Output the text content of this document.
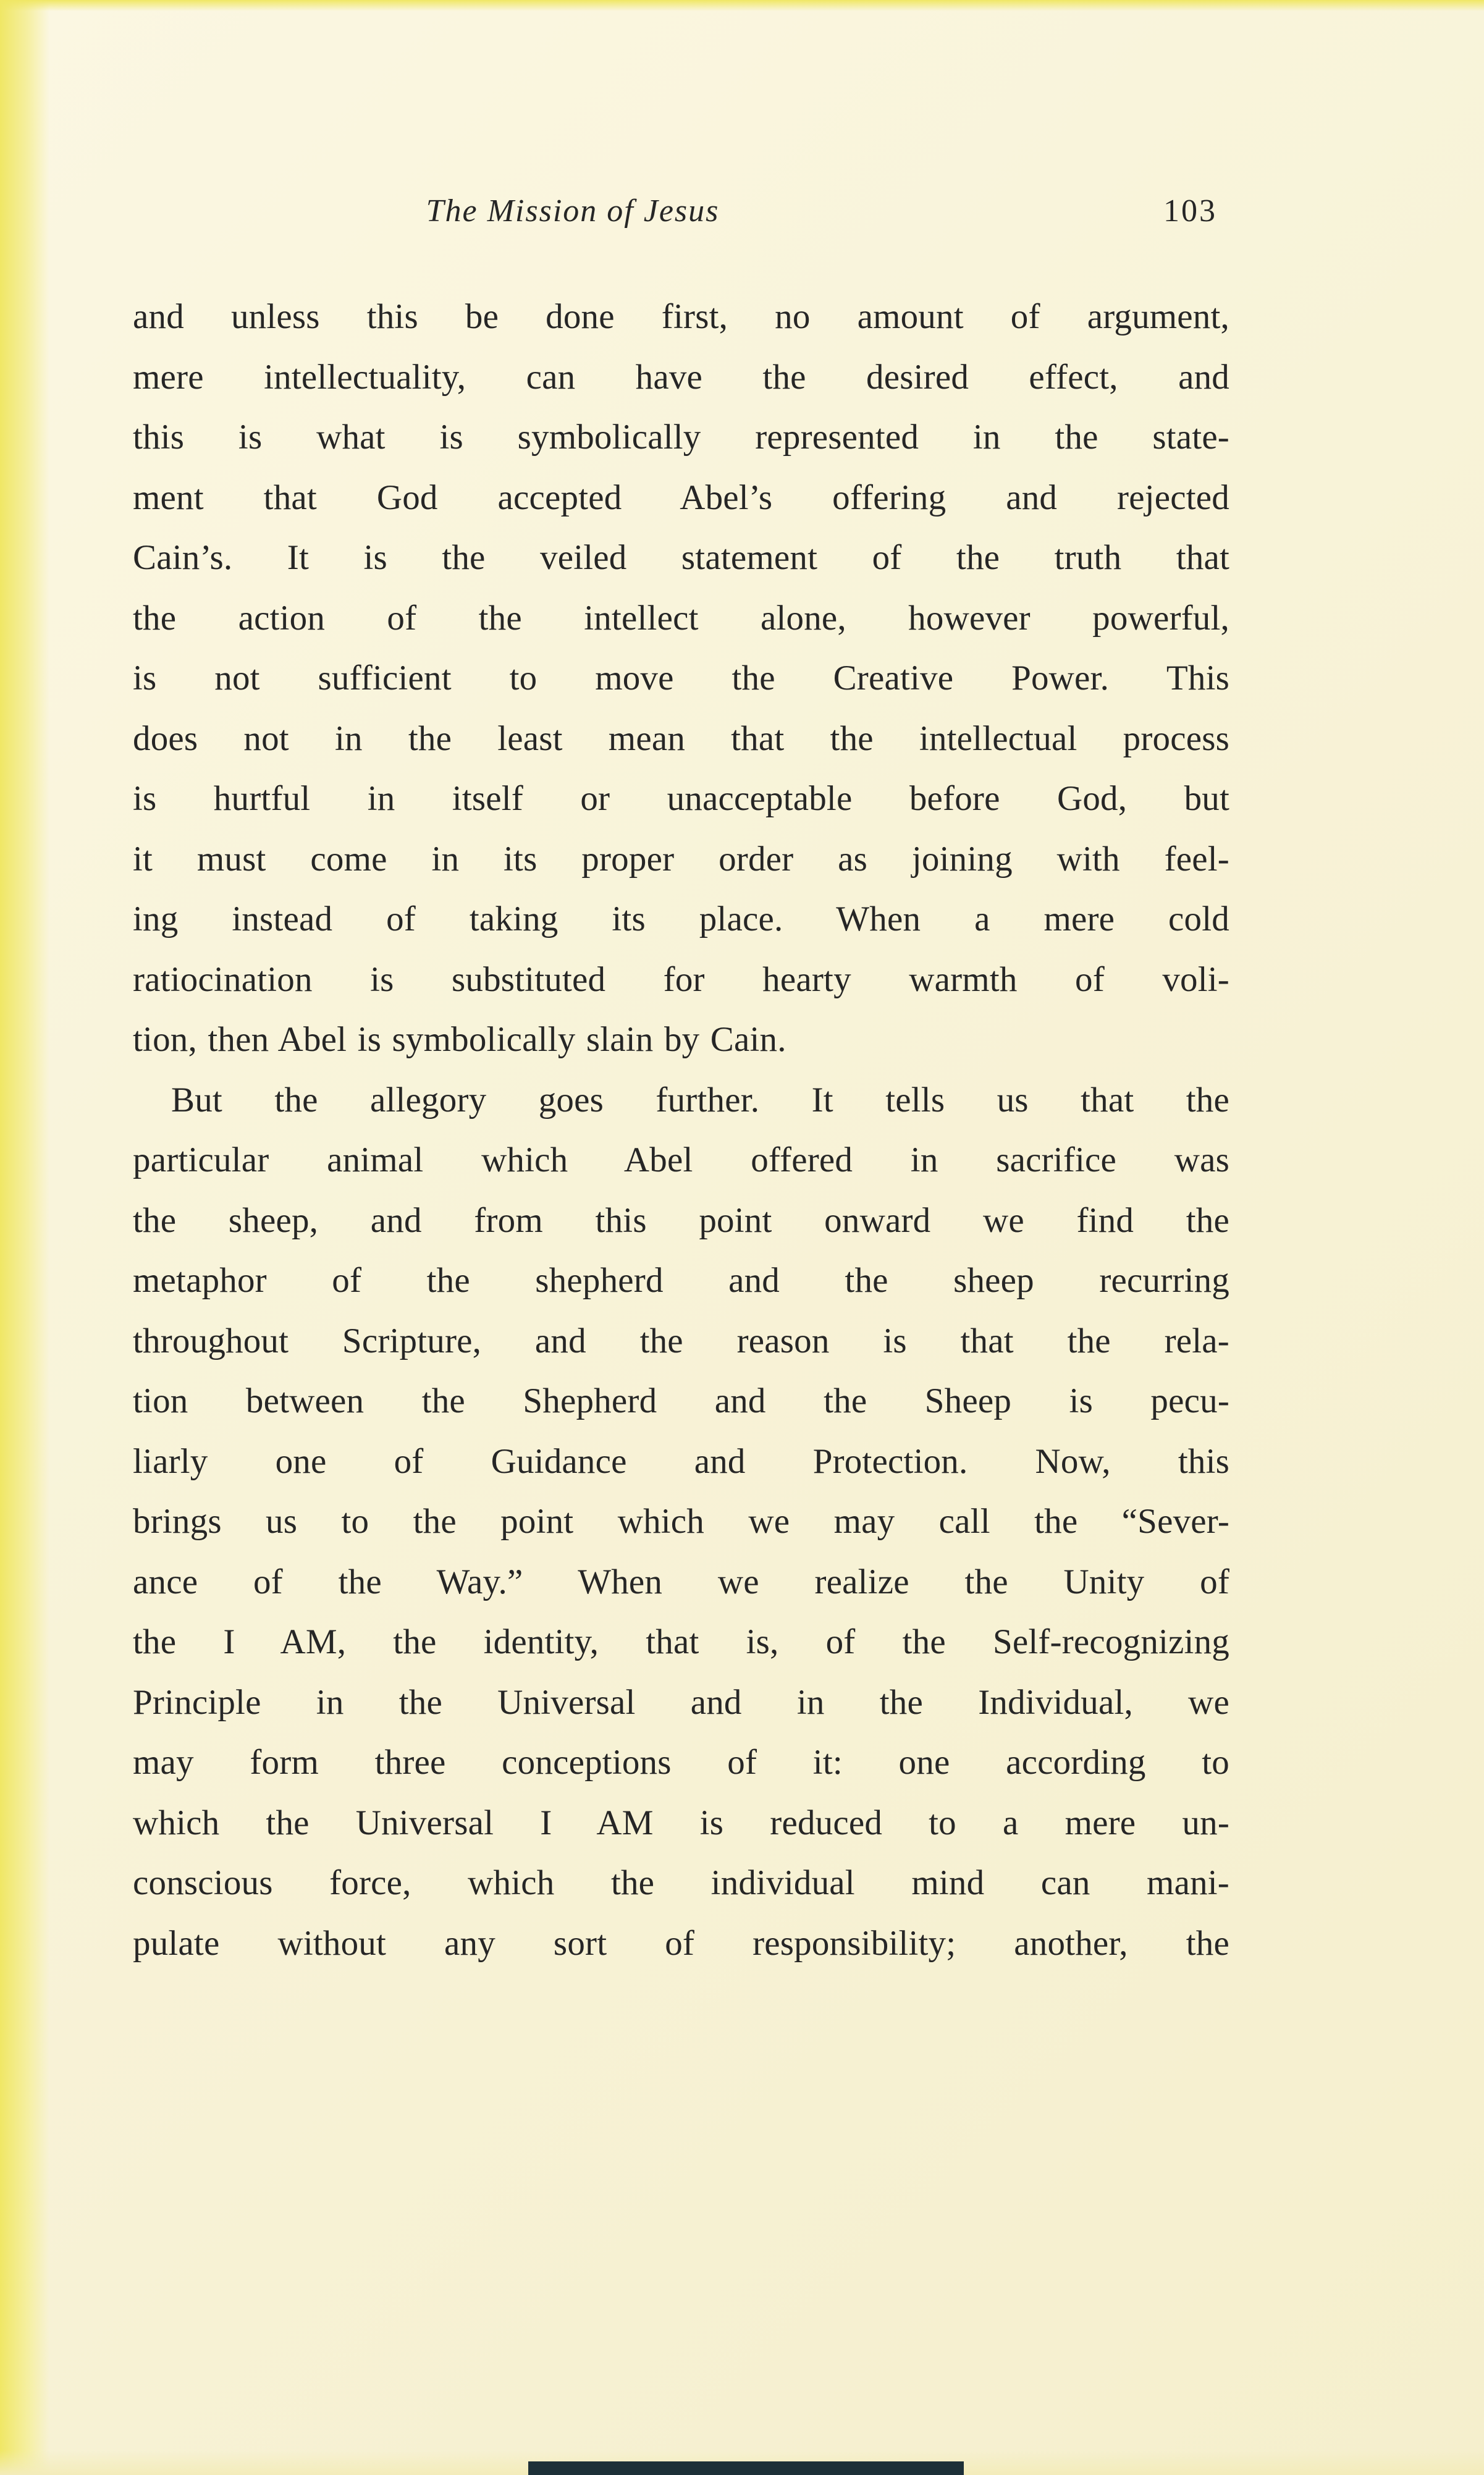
The Mission of Jesus	103
and unless this be done first, no amount of argument,
mere intellectuality, can have the desired effect, and
this is what is symbolically represented in the state-
ment that God accepted Abel’s offering and rejected
Cain’s. It is the veiled statement of the truth that
the action of the intellect alone, however powerful,
is not sufficient to move the Creative Power. This
does not in the least mean that the intellectual process
is hurtful in itself or unacceptable before God, but
it must come in its proper order as joining with feel-
ing instead of taking its place. When a mere cold
ratiocination is substituted for hearty warmth of voli-
tion, then Abel is symbolically slain by Cain.
But the allegory goes further. It tells us that the
particular animal which Abel offered in sacrifice was
the sheep, and from this point onward we find the
metaphor of the shepherd and the sheep recurring
throughout Scripture, and the reason is that the rela-
tion between the Shepherd and the Sheep is pecu-
liarly one of Guidance and Protection. Now, this
brings us to the point which we may call the “Sever-
ance of the Way.” When we realize the Unity of
the I AM, the identity, that is, of the Self-recognizing
Principle in the Universal and in the Individual, we
may form three conceptions of it: one according to
which the Universal I AM is reduced to a mere un-
conscious force, which the individual mind can mani-
pulate without any sort of responsibility; another, the
